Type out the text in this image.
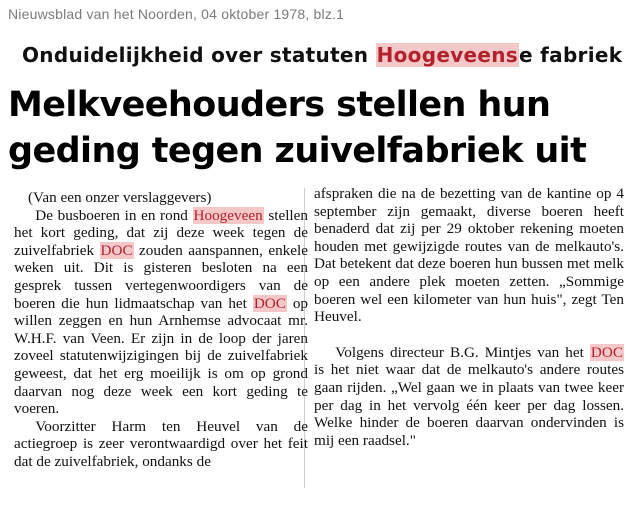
Nieuwsblad van het Noorden, 04 oktober 1978, blz.1
Onduidelijkheid over statuten Hoogeveense fabriek
Melkveehouders stellen hun
geding tegen zuivelfabriek uit

(Van een onzer verslaggevers)

De busboeren in en rond Hoogeveen stellen het kort geding, dat zij deze week tegen de zuivelfabriek DOC zouden aanspannen, enkele weken uit. Dit is gisteren besloten na een gesprek tussen vertegenwoordigers van de boeren die hun lidmaatschap van het DOC op willen zeggen en hun Arnhemse advocaat mr. W.H.F. van Veen. Er zijn in de loop der jaren zoveel statutenwijzigingen bij de zuivelfabriek geweest, dat het erg moeilijk is om op grond daarvan nog deze week een kort geding te voeren.

Voorzitter Harm ten Heuvel van de actiegroep is zeer verontwaardigd over het feit dat de zuivelfabriek, ondanks de

afspraken die na de bezetting van de kantine op 4 september zijn gemaakt, diverse boeren heeft benaderd dat zij per 29 oktober rekening moeten houden met gewijzigde routes van de melkauto's. Dat betekent dat deze boeren hun bussen met melk op een andere plek moeten zetten. „Sommige boeren wel een kilometer van hun huis", zegt Ten Heuvel.

Volgens directeur B.G. Mintjes van het DOC is het niet waar dat de melkauto's andere routes gaan rijden. „Wel gaan we in plaats van twee keer per dag in het vervolg één keer per dag lossen. Welke hinder de boeren daarvan ondervinden is mij een raadsel."
